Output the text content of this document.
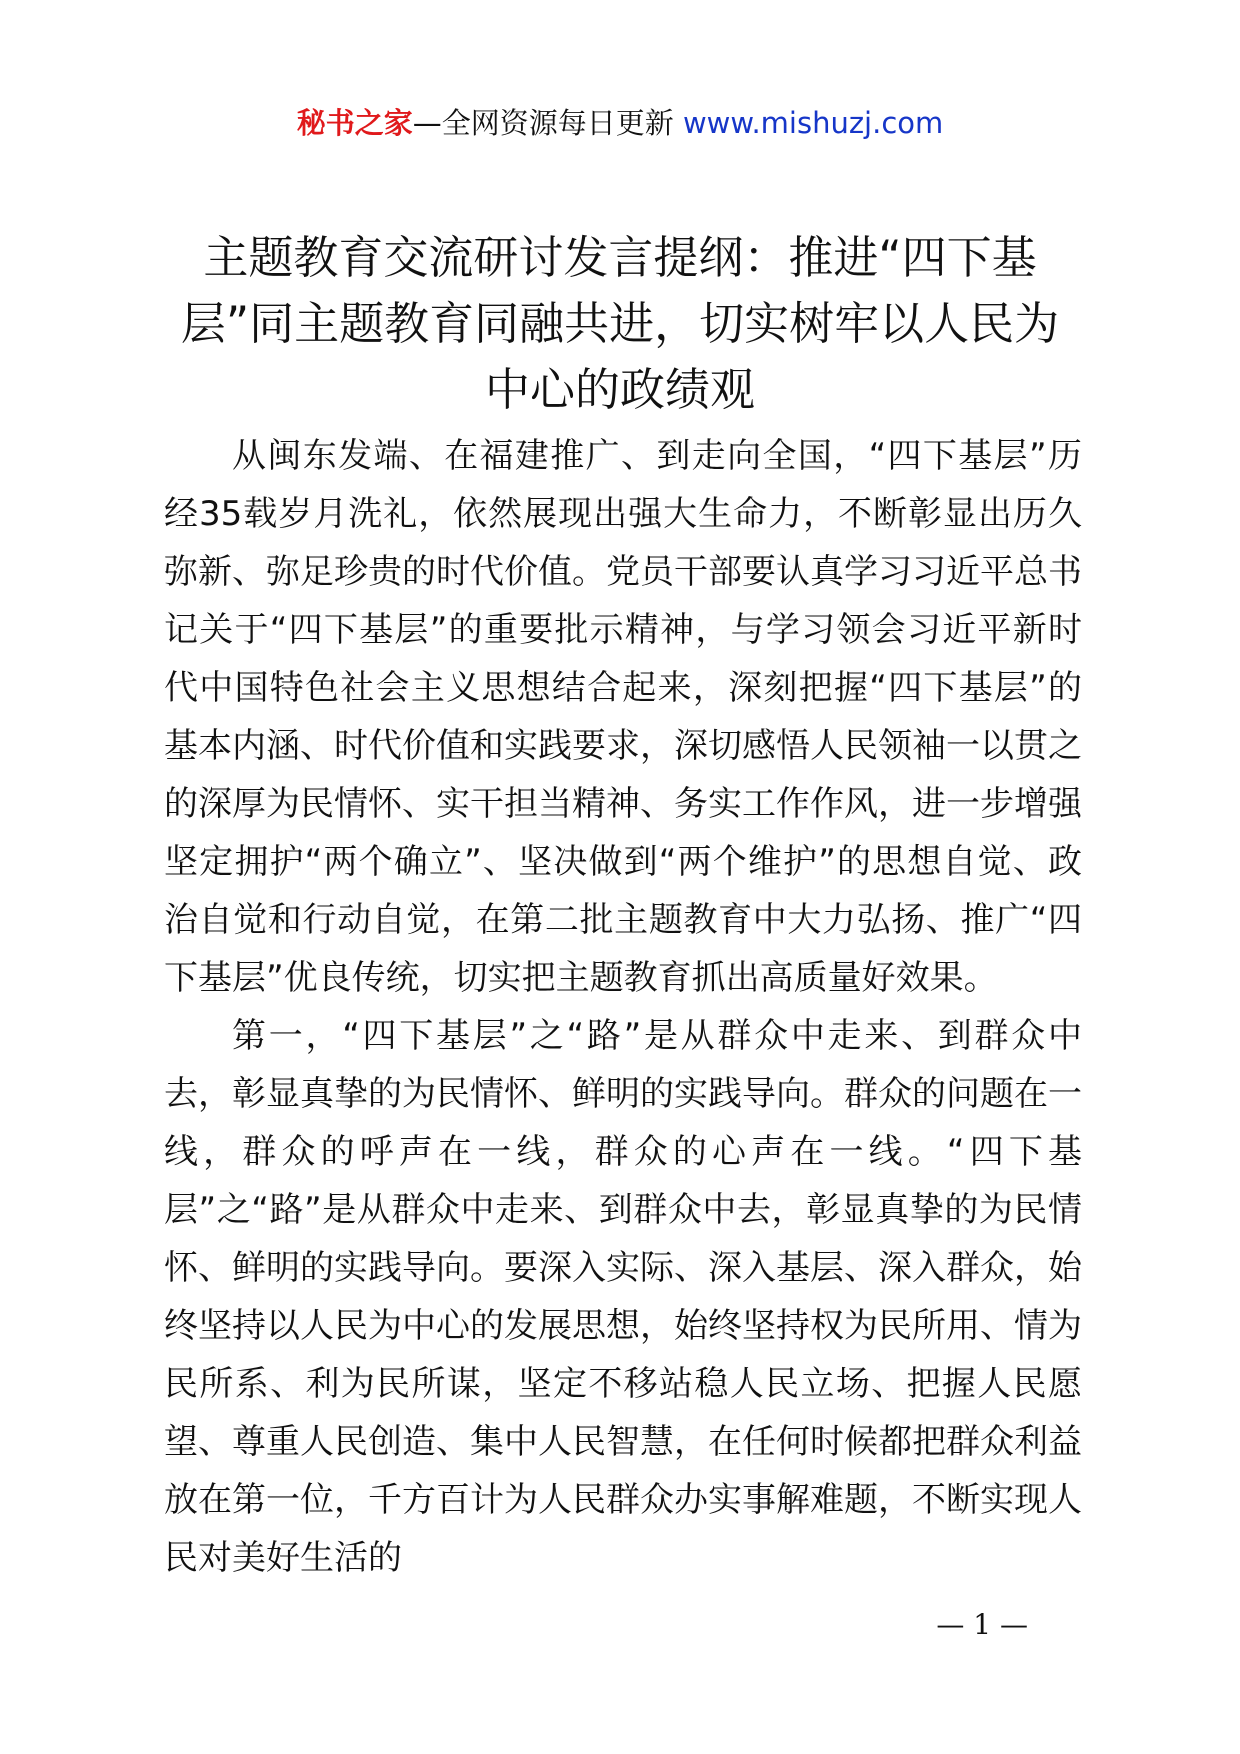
秘书之家—全网资源每日更新 www.mishuzj.com
主题教育交流研讨发言提纲：推进“四下基层”同主题教育同融共进，切实树牢以人民为中心的政绩观

从闽东发端、在福建推广、到走向全国，“四下基层”历经35载岁月洗礼，依然展现出强大生命力，不断彰显出历久弥新、弥足珍贵的时代价值。党员干部要认真学习习近平总书记关于“四下基层”的重要批示精神，与学习领会习近平新时代中国特色社会主义思想结合起来，深刻把握“四下基层”的基本内涵、时代价值和实践要求，深切感悟人民领袖一以贯之的深厚为民情怀、实干担当精神、务实工作作风，进一步增强坚定拥护“两个确立”、坚决做到“两个维护”的思想自觉、政治自觉和行动自觉，在第二批主题教育中大力弘扬、推广“四下基层”优良传统，切实把主题教育抓出高质量好效果。

第一，“四下基层”之“路”是从群众中走来、到群众中去，彰显真挚的为民情怀、鲜明的实践导向。群众的问题在一线，群众的呼声在一线，群众的心声在一线。“四下基层”之“路”是从群众中走来、到群众中去，彰显真挚的为民情怀、鲜明的实践导向。要深入实际、深入基层、深入群众，始终坚持以人民为中心的发展思想，始终坚持权为民所用、情为民所系、利为民所谋，坚定不移站稳人民立场、把握人民愿望、尊重人民创造、集中人民智慧，在任何时候都把群众利益放在第一位，千方百计为人民群众办实事解难题，不断实现人民对美好生活的

— 1 —
